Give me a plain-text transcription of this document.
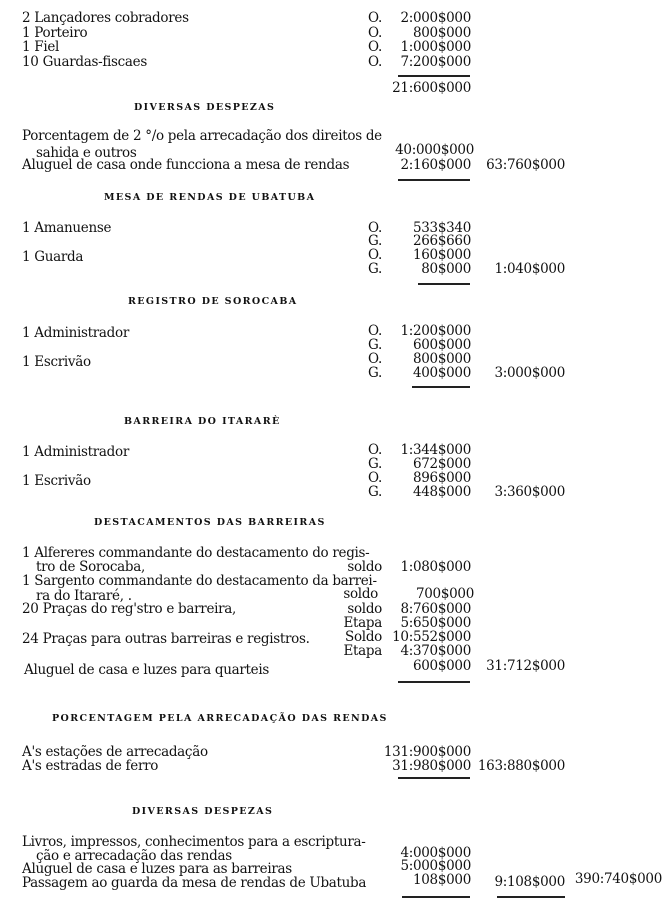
2 Lançadores cobradores	O. 2:000$000
1 Porteiro	O. 800$000
1 Fiel	O. 1:000$000
10 Guardas-fiscaes	O. 7:200$000
21:600$000
DIVERSAS DESPEZAS
Porcentagem de 2 °/o pela arrecadação dos direitos de
sahida e outros	40:000$000
Aluguel de casa onde funcciona a mesa de rendas	2:160$000 63:760$000
MESA DE RENDAS DE UBATUBA
1 Amanuense	O. 533$340
G. 266$660
1 Guarda	O. 160$000
G.	80$000 1:040$000
REGISTRO DE SOROCABA
1 Administrador	O. 1:200$000
G. 600$000
1 Escrivão	O. 800$000
G. 400$000 3:000$000
BARREIRA DO ITARARÈ
1 Administrador	O. 1:344$000
G. 672$000
1 Escrivão	O. 896$000
G. 448$000 3:360$000
DESTACAMENTOS DAS BARREIRAS
1 Alfereres commandante do destacamento do regis-
tro de Sorocaba,	soldo 1:080$000
1 Sargento commandante do destacamento da barrei-
ra do Itararé, .	soldo	700$000
20 Praças do reg'stro e barreira,	soldo 8:760$000
Etapa 5:650$000
24 Praças para outras barreiras e registros.	Soldo 10:552$000
Etapa 4:370$000
Aluguel de casa e luzes para quarteis	600$000 31:712$000
PORCENTAGEM PELA ARRECADAÇÃO DAS RENDAS
A's estações de arrecadação	131:900$000
A's estradas de ferro	31:980$000 163:880$000
DIVERSAS DESPEZAS
Livros, impressos, conhecimentos para a escriptura-
ção e arrecadação das rendas	4:000$000
Aluguel de casa e luzes para as barreiras	5:000$000
Passagem ao guarda da mesa de rendas de Ubatuba	108$000 9:108$000 390:740$000
